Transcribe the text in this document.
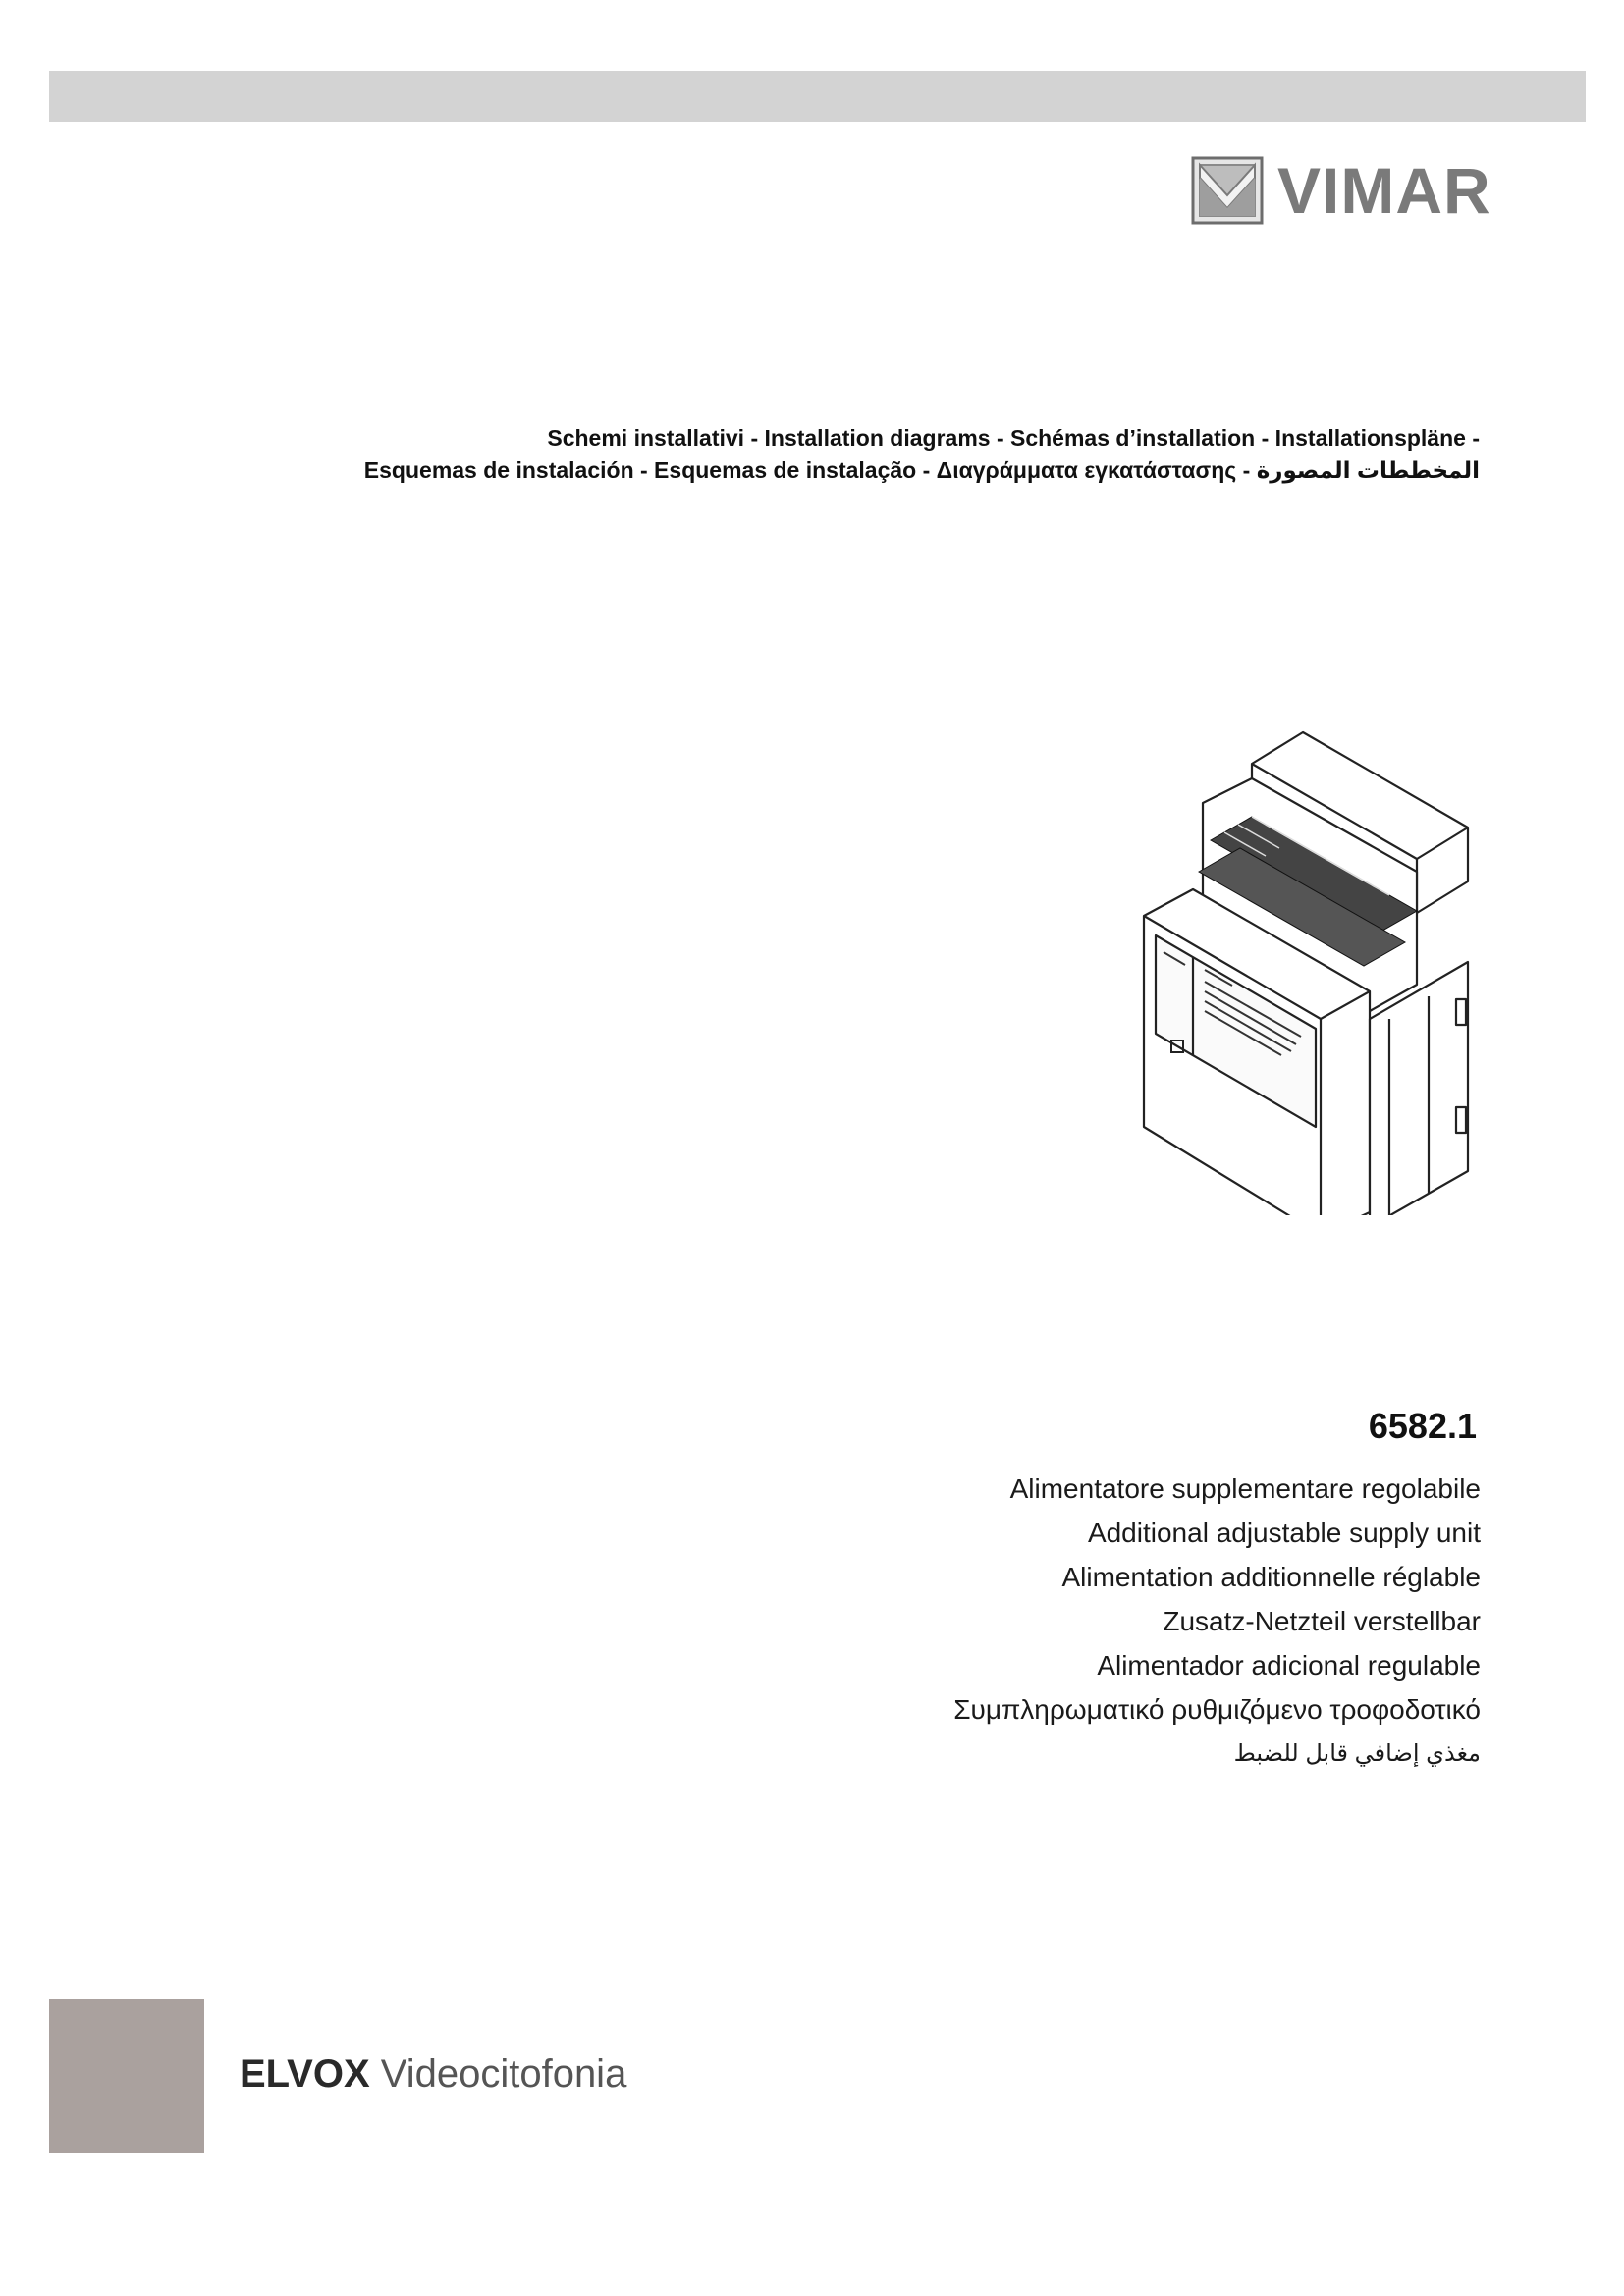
VIMAR
Schemi installativi - Installation diagrams - Schémas d’installation - Installationspläne -
Esquemas de instalación - Esquemas de instalação - Διαγράμματα εγκατάστασης - المخططات المصورة
6582.1
Alimentatore supplementare regolabile
Additional adjustable supply unit
Alimentation additionnelle réglable
Zusatz-Netzteil verstellbar
Alimentador adicional regulable
Συμπληρωματικό ρυθμιζόμενο τροφοδοτικό
مغذي إضافي قابل للضبط
ELVOX Videocitofonia
